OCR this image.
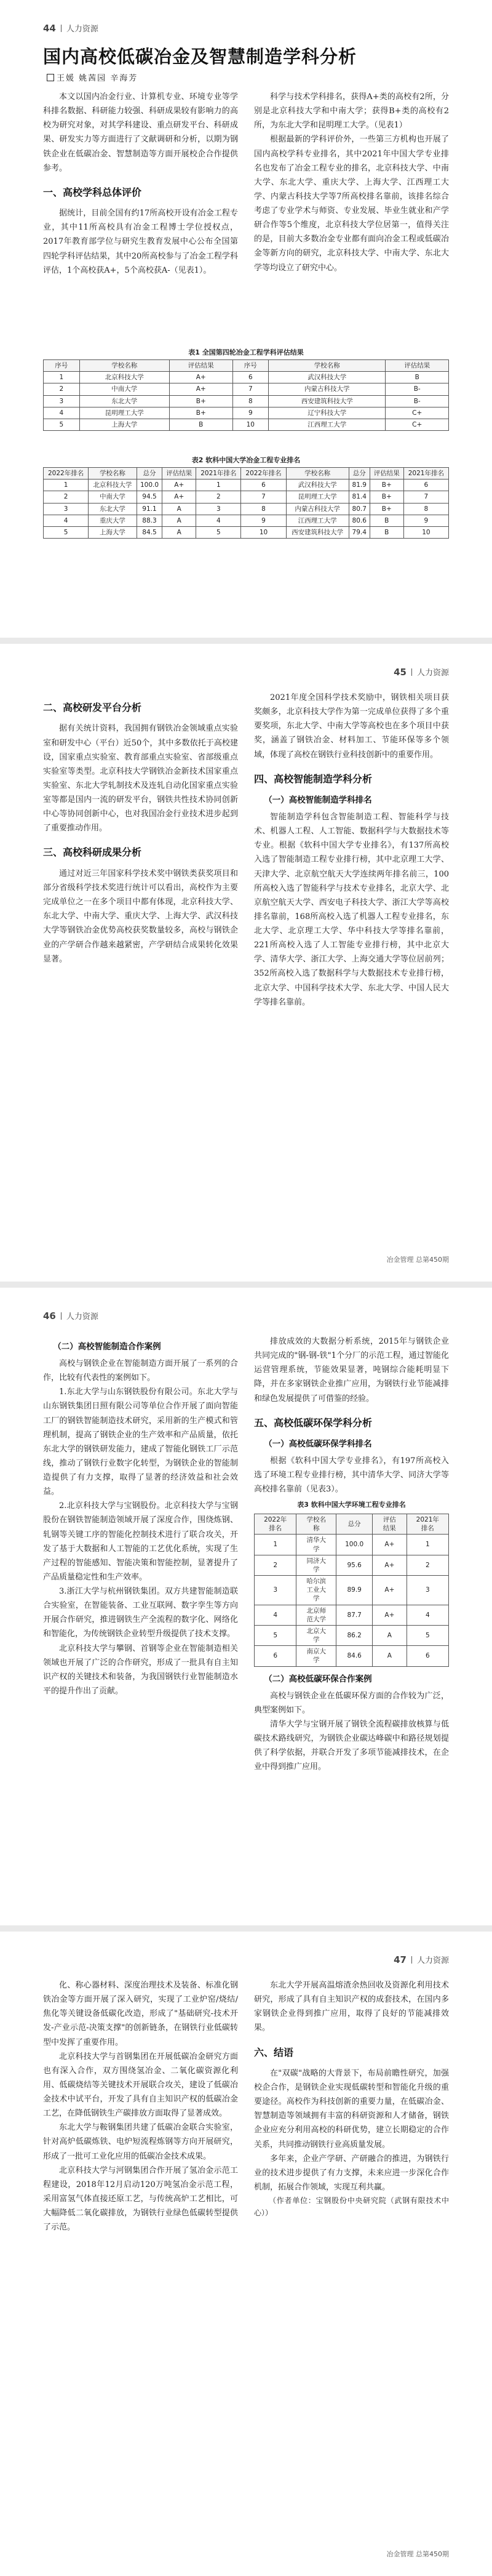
44 人力资源
国内高校低碳冶金及智慧制造学科分析
王媛 姚茜园 辛海芳

本文以国内冶金行业、计算机专业、环境专业等学科排名数据、科研能力较强、科研成果较有影响力的高校为研究对象，对其学科建设、重点研发平台、科研成果、研发实力等方面进行了文献调研和分析，以期为钢铁企业在低碳冶金、智慧制造等方面开展校企合作提供参考。

一、高校学科总体评价

据统计，目前全国有约17所高校开设有冶金工程专业，其中11所高校具有冶金工程博士学位授权点，2017年教育部学位与研究生教育发展中心公布全国第四轮学科评估结果，其中20所高校参与了冶金工程学科评估，1个高校获A+，5个高校获A-（见表1）。

科学与技术学科排名，获得A+类的高校有2所，分别是北京科技大学和中南大学；获得B+类的高校有2所，为东北大学和昆明理工大学。（见表1）

根据最新的学科评价外，一些第三方机构也开展了国内高校学科专业排名，其中2021年中国大学专业排名也发布了冶金工程专业的排名，北京科技大学、中南大学、东北大学、重庆大学、上海大学、江西理工大学、内蒙古科技大学等7所高校排名靠前，该排名综合考虑了专业学术与师资、专业发展、毕业生就业和产学研合作等5个维度，北京科技大学位居第一，值得关注的是，目前大多数冶金专业都有面向冶金工程或低碳冶金等新方向的研究，北京科技大学、中南大学、东北大学等均设立了研究中心。

表1 全国第四轮冶金工程学科评估结果
序号	学校名称	评估结果	序号	学校名称	评估结果
1	北京科技大学	A+	6	武汉科技大学	B
2	中南大学	A+	7	内蒙古科技大学	B-
3	东北大学	B+	8	西安建筑科技大学	B-
4	昆明理工大学	B+	9	辽宁科技大学	C+
5	上海大学	B	10	江西理工大学	C+
表2 软科中国大学冶金工程专业排名
2022年排名	学校名称	总分	评估结果	2021年排名	2022年排名	学校名称	总分	评估结果	2021年排名
1	北京科技大学	100.0	A+	1	6	武汉科技大学	81.9	B+	6
2	中南大学	94.5	A+	2	7	昆明理工大学	81.4	B+	7
3	东北大学	91.1	A	3	8	内蒙古科技大学	80.7	B+	8
4	重庆大学	88.3	A	4	9	江西理工大学	80.6	B	9
5	上海大学	84.5	A	5	10	西安建筑科技大学	79.4	B	10
45 人力资源
二、高校研发平台分析

据有关统计资料，我国拥有钢铁冶金领域重点实验室和研发中心（平台）近50个，其中多数依托于高校建设，国家重点实验室、教育部重点实验室、省部级重点实验室等类型。北京科技大学钢铁冶金新技术国家重点实验室、东北大学轧制技术及连轧自动化国家重点实验室等都是国内一流的研发平台，钢铁共性技术协同创新中心等协同创新中心，也对我国冶金行业技术进步起到了重要推动作用。

三、高校科研成果分析

通过对近三年国家科学技术奖中钢铁类获奖项目和部分省级科学技术奖进行统计可以看出，高校作为主要完成单位之一在多个项目中都有体现，北京科技大学、东北大学、中南大学、重庆大学、上海大学、武汉科技大学等钢铁冶金优势高校获奖数量较多，高校与钢铁企业的产学研合作越来越紧密，产学研结合成果转化效果显著。

2021年度全国科学技术奖励中，钢铁相关项目获奖颇多，北京科技大学作为第一完成单位获得了多个重要奖项，东北大学、中南大学等高校也在多个项目中获奖，涵盖了钢铁冶金、材料加工、节能环保等多个领域，体现了高校在钢铁行业科技创新中的重要作用。

四、高校智能制造学科分析
（一）高校智能制造学科排名

智能制造学科包含智能制造工程、智能科学与技术、机器人工程、人工智能、数据科学与大数据技术等专业。根据《软科中国大学专业排名》，有137所高校入选了智能制造工程专业排行榜，其中北京理工大学、天津大学、北京航空航天大学连续两年排名前三，100所高校入选了智能科学与技术专业排名，北京大学、北京航空航天大学、西安电子科技大学、浙江大学等高校排名靠前，168所高校入选了机器人工程专业排名，东北大学、北京理工大学、华中科技大学等排名靠前，221所高校入选了人工智能专业排行榜，其中北京大学、清华大学、浙江大学、上海交通大学等位居前列；352所高校入选了数据科学与大数据技术专业排行榜，北京大学、中国科学技术大学、东北大学、中国人民大学等排名靠前。

冶金管理 总第450期
46 人力资源
（二）高校智能制造合作案例

高校与钢铁企业在智能制造方面开展了一系列的合作，比较有代表性的案例如下。

1.东北大学与山东钢铁股份有限公司。东北大学与山东钢铁集团日照有限公司等单位合作开展了面向智能工厂的钢铁智能制造技术研究，采用新的生产模式和管理机制，提高了钢铁企业的生产效率和产品质量，依托东北大学的钢铁研发能力，建成了智能化钢铁工厂示范线，推动了钢铁行业数字化转型，为钢铁企业的智能制造提供了有力支撑，取得了显著的经济效益和社会效益。

2.北京科技大学与宝钢股份。北京科技大学与宝钢股份在钢铁智能制造领域开展了深度合作，围绕炼钢、轧钢等关键工序的智能化控制技术进行了联合攻关，开发了基于大数据和人工智能的工艺优化系统，实现了生产过程的智能感知、智能决策和智能控制，显著提升了产品质量稳定性和生产效率。

3.浙江大学与杭州钢铁集团。双方共建智能制造联合实验室，在智能装备、工业互联网、数字孪生等方向开展合作研究，推进钢铁生产全流程的数字化、网络化和智能化，为传统钢铁企业转型升级提供了技术支撑。

北京科技大学与攀钢、首钢等企业在智能制造相关领域也开展了广泛的合作研究，形成了一批具有自主知识产权的关键技术和装备，为我国钢铁行业智能制造水平的提升作出了贡献。

排放成效的大数据分析系统，2015年与钢铁企业共同完成的"钢-钢-铁"1个分厂的示范工程，通过智能化运营管理系统，节能效果显著，吨钢综合能耗明显下降，并在多家钢铁企业推广应用，为钢铁行业节能减排和绿色发展提供了可借鉴的经验。

五、高校低碳环保学科分析
（一）高校低碳环保学科排名

根据《软科中国大学专业排名》，有197所高校入选了环境工程专业排行榜，其中清华大学、同济大学等高校排名靠前（见表3）。

表3 软科中国大学环境工程专业排名
2022年排名	学校名称	总分	评估结果	2021年排名
1	清华大学	100.0	A+	1
2	同济大学	95.6	A+	2
3	哈尔滨工业大学	89.9	A+	3
4	北京师范大学	87.7	A+	4
5	北京大学	86.2	A	5
6	南京大学	84.6	A	6
（二）高校低碳环保合作案例

高校与钢铁企业在低碳环保方面的合作较为广泛，典型案例如下。

清华大学与宝钢开展了钢铁全流程碳排放核算与低碳技术路线研究，为钢铁企业碳达峰碳中和路径规划提供了科学依据，并联合开发了多项节能减排技术，在企业中得到推广应用。

47 人力资源

化、称心器材料、深度治理技术及装备、标准化钢铁冶金等方面开展了深入研究，实现了工业炉窑/烧结/焦化等关键设备低碳化改造，形成了"基础研究-技术开发-产业示范-决策支撑"的创新链条，在钢铁行业低碳转型中发挥了重要作用。

北京科技大学与首钢集团在开展低碳冶金研究方面也有深入合作，双方围绕氢冶金、二氧化碳资源化利用、低碳烧结等关键技术开展联合攻关，建设了低碳冶金技术中试平台，开发了具有自主知识产权的低碳冶金工艺，在降低钢铁生产碳排放方面取得了显著成效。

东北大学与鞍钢集团共建了低碳冶金联合实验室，针对高炉低碳炼铁、电炉短流程炼钢等方向开展研究，形成了一批可工业化应用的低碳冶金技术成果。

北京科技大学与河钢集团合作开展了氢冶金示范工程建设，2018年12月启动120万吨氢冶金示范工程，采用富氢气体直接还原工艺，与传统高炉工艺相比，可大幅降低二氧化碳排放，为钢铁行业绿色低碳转型提供了示范。

东北大学开展高温熔渣余热回收及资源化利用技术研究，形成了具有自主知识产权的成套技术，在国内多家钢铁企业得到推广应用，取得了良好的节能减排效果。

六、结语

在"双碳"战略的大背景下，布局前瞻性研究，加强校企合作，是钢铁企业实现低碳转型和智能化升级的重要途径。高校作为科技创新的重要力量，在低碳冶金、智慧制造等领域拥有丰富的科研资源和人才储备，钢铁企业应充分利用高校的科研优势，建立长期稳定的合作关系，共同推动钢铁行业高质量发展。

多年来，企业产学研、产研融合的推进，为钢铁行业的技术进步提供了有力支撑，未来应进一步深化合作机制，拓展合作领域，实现互利共赢。

（作者单位：宝钢股份中央研究院（武钢有限技术中心））

冶金管理 总第450期
